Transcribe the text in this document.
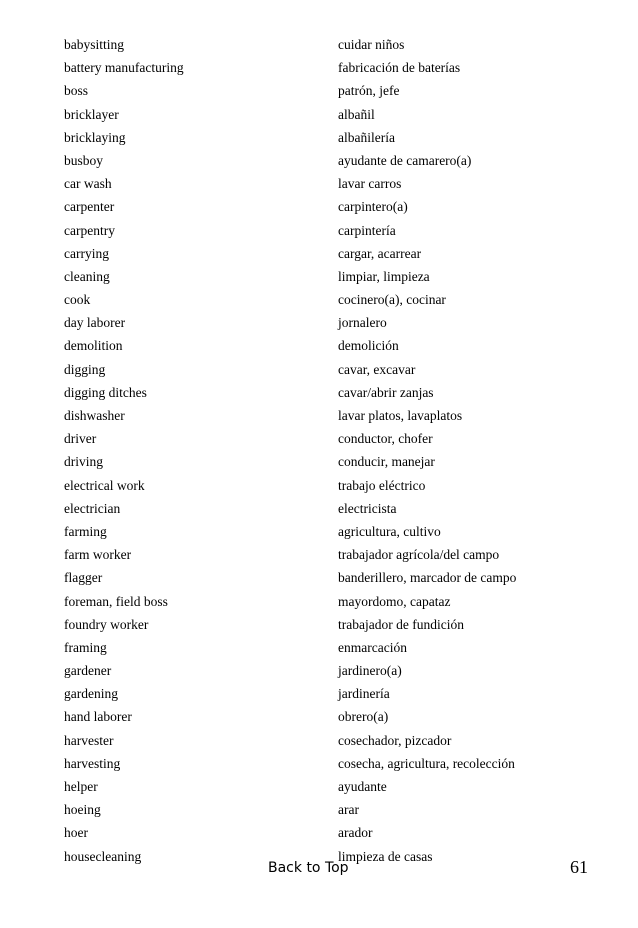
babysitting	cuidar niños
battery manufacturing	fabricación de baterías
boss	patrón, jefe
bricklayer	albañil
bricklaying	albañilería
busboy	ayudante de camarero(a)
car wash	lavar carros
carpenter	carpintero(a)
carpentry	carpintería
carrying	cargar, acarrear
cleaning	limpiar, limpieza
cook	cocinero(a), cocinar
day laborer	jornalero
demolition	demolición
digging	cavar, excavar
digging ditches	cavar/abrir zanjas
dishwasher	lavar platos, lavaplatos
driver	conductor, chofer
driving	conducir, manejar
electrical work	trabajo eléctrico
electrician	electricista
farming	agricultura, cultivo
farm worker	trabajador agrícola/del campo
flagger	banderillero, marcador de campo
foreman, field boss	mayordomo, capataz
foundry worker	trabajador de fundición
framing	enmarcación
gardener	jardinero(a)
gardening	jardinería
hand laborer	obrero(a)
harvester	cosechador, pizcador
harvesting	cosecha, agricultura, recolección
helper	ayudante
hoeing	arar
hoer	arador
housecleaning	limpieza de casas
Back to Top	61
